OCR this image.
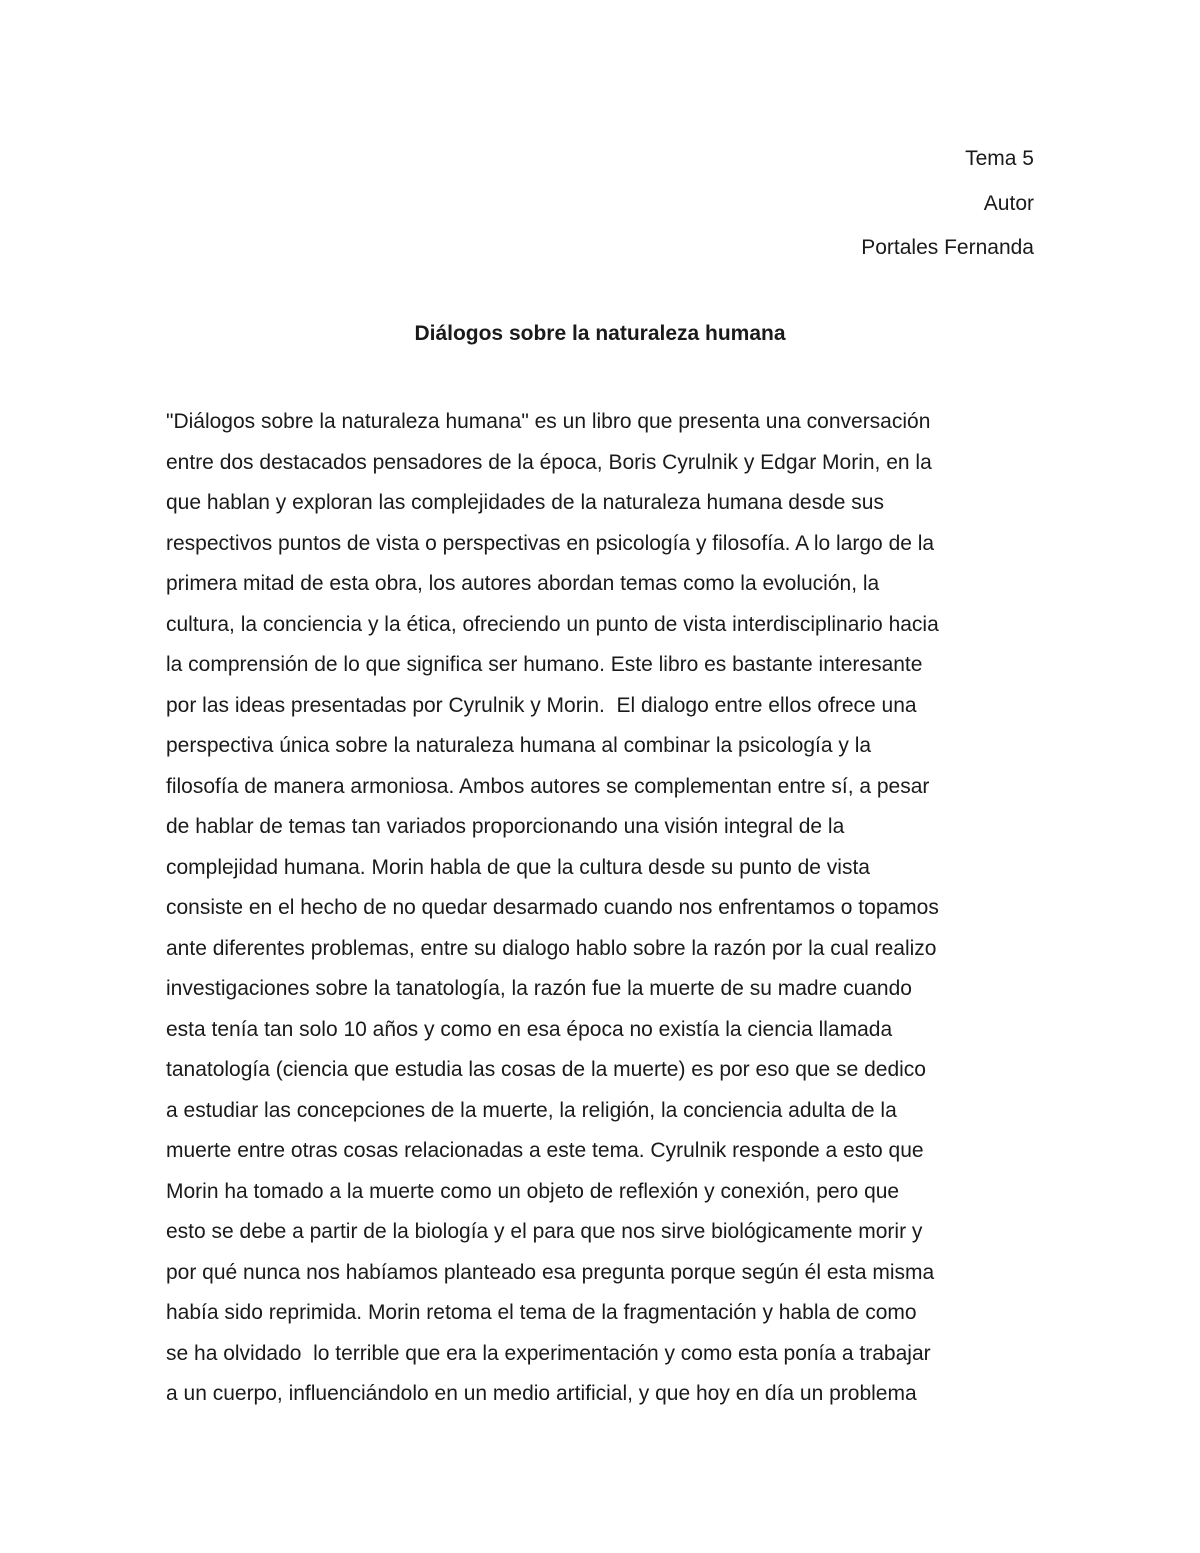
Tema 5
Autor
Portales Fernanda
Diálogos sobre la naturaleza humana
"Diálogos sobre la naturaleza humana" es un libro que presenta una conversación
entre dos destacados pensadores de la época, Boris Cyrulnik y Edgar Morin, en la
que hablan y exploran las complejidades de la naturaleza humana desde sus
respectivos puntos de vista o perspectivas en psicología y filosofía. A lo largo de la
primera mitad de esta obra, los autores abordan temas como la evolución, la
cultura, la conciencia y la ética, ofreciendo un punto de vista interdisciplinario hacia
la comprensión de lo que significa ser humano. Este libro es bastante interesante
por las ideas presentadas por Cyrulnik y Morin.  El dialogo entre ellos ofrece una
perspectiva única sobre la naturaleza humana al combinar la psicología y la
filosofía de manera armoniosa. Ambos autores se complementan entre sí, a pesar
de hablar de temas tan variados proporcionando una visión integral de la
complejidad humana. Morin habla de que la cultura desde su punto de vista
consiste en el hecho de no quedar desarmado cuando nos enfrentamos o topamos
ante diferentes problemas, entre su dialogo hablo sobre la razón por la cual realizo
investigaciones sobre la tanatología, la razón fue la muerte de su madre cuando
esta tenía tan solo 10 años y como en esa época no existía la ciencia llamada
tanatología (ciencia que estudia las cosas de la muerte) es por eso que se dedico
a estudiar las concepciones de la muerte, la religión, la conciencia adulta de la
muerte entre otras cosas relacionadas a este tema. Cyrulnik responde a esto que
Morin ha tomado a la muerte como un objeto de reflexión y conexión, pero que
esto se debe a partir de la biología y el para que nos sirve biológicamente morir y
por qué nunca nos habíamos planteado esa pregunta porque según él esta misma
había sido reprimida. Morin retoma el tema de la fragmentación y habla de como
se ha olvidado  lo terrible que era la experimentación y como esta ponía a trabajar
a un cuerpo, influenciándolo en un medio artificial, y que hoy en día un problema
